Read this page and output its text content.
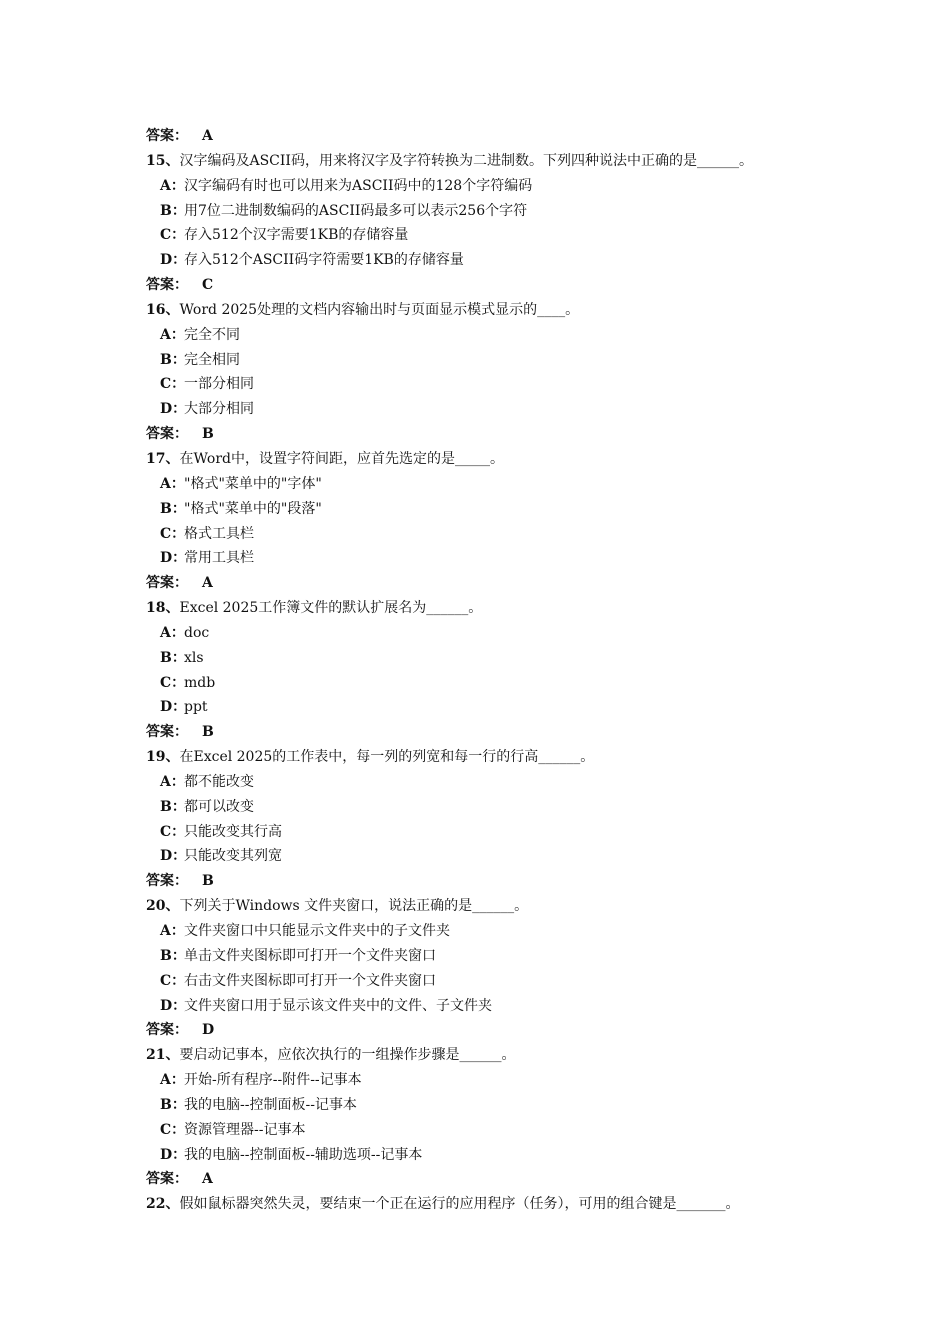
答案： A
15、汉字编码及ASCII码，用来将汉字及字符转换为二进制数。下列四种说法中正确的是______。
A：汉字编码有时也可以用来为ASCII码中的128个字符编码
B：用7位二进制数编码的ASCII码最多可以表示256个字符
C：存入512个汉字需要1KB的存储容量
D：存入512个ASCII码字符需要1KB的存储容量
答案： C
16、Word 2025处理的文档内容输出时与页面显示模式显示的____。
A：完全不同
B：完全相同
C：一部分相同
D：大部分相同
答案： B
17、在Word中，设置字符间距，应首先选定的是_____。
A："格式"菜单中的"字体"
B："格式"菜单中的"段落"
C：格式工具栏
D：常用工具栏
答案： A
18、Excel 2025工作簿文件的默认扩展名为______。
A：doc
B：xls
C：mdb
D：ppt
答案： B
19、在Excel 2025的工作表中，每一列的列宽和每一行的行高______。
A：都不能改变
B：都可以改变
C：只能改变其行高
D：只能改变其列宽
答案： B
20、下列关于Windows 文件夹窗口，说法正确的是______。
A：文件夹窗口中只能显示文件夹中的子文件夹
B：单击文件夹图标即可打开一个文件夹窗口
C：右击文件夹图标即可打开一个文件夹窗口
D：文件夹窗口用于显示该文件夹中的文件、子文件夹
答案： D
21、要启动记事本，应依次执行的一组操作步骤是______。
A：开始-所有程序--附件--记事本
B：我的电脑--控制面板--记事本
C：资源管理器--记事本
D：我的电脑--控制面板--辅助选项--记事本
答案： A
22、假如鼠标器突然失灵，要结束一个正在运行的应用程序（任务），可用的组合键是_______。
